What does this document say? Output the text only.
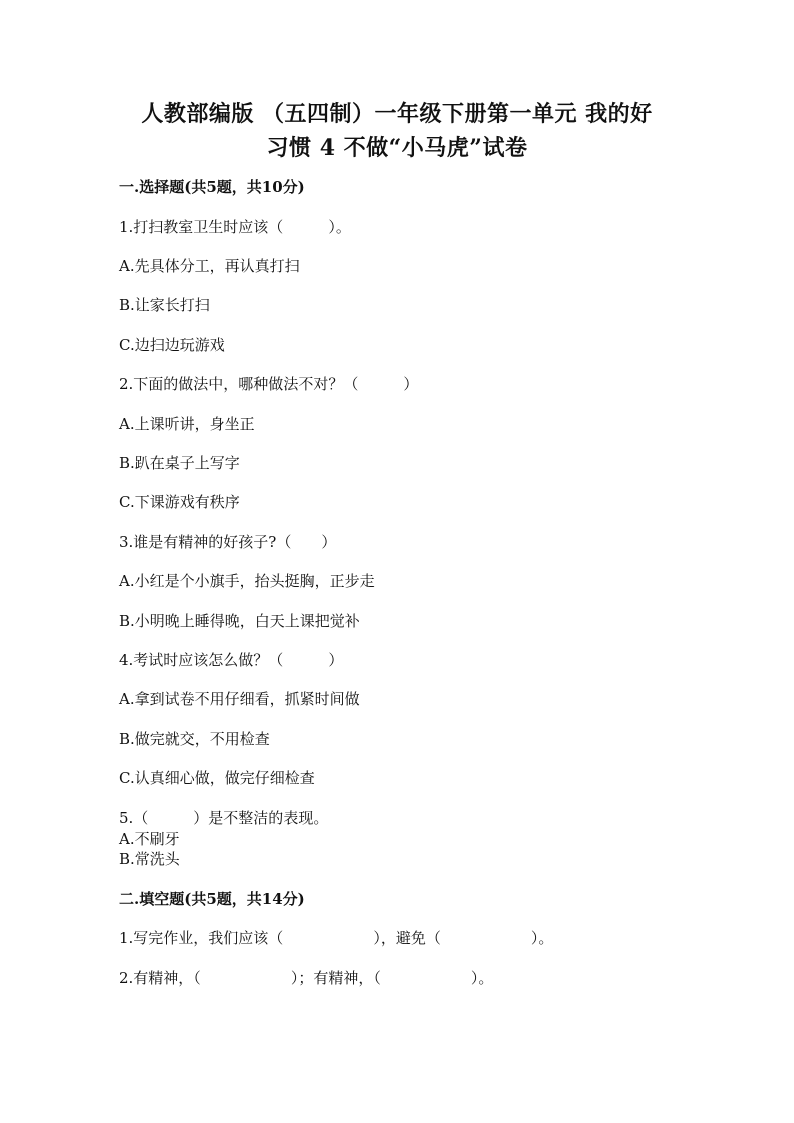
人教部编版 （五四制）一年级下册第一单元 我的好
习惯 4 不做“小马虎”试卷
一.选择题(共5题，共10分)
1.打扫教室卫生时应该（　　　）。
A.先具体分工，再认真打扫
B.让家长打扫
C.边扫边玩游戏
2.下面的做法中，哪种做法不对？（　　　）
A.上课听讲，身坐正
B.趴在桌子上写字
C.下课游戏有秩序
3.谁是有精神的好孩子?（　　）
A.小红是个小旗手，抬头挺胸，正步走
B.小明晚上睡得晚，白天上课把觉补
4.考试时应该怎么做？（　　　）
A.拿到试卷不用仔细看，抓紧时间做
B.做完就交，不用检查
C.认真细心做，做完仔细检查
5.（　　　）是不整洁的表现。
A.不刷牙
B.常洗头
二.填空题(共5题，共14分)
1.写完作业，我们应该（　　　　　　），避免（　　　　　　）。
2.有精神，（　　　　　　）；有精神，（　　　　　　）。
